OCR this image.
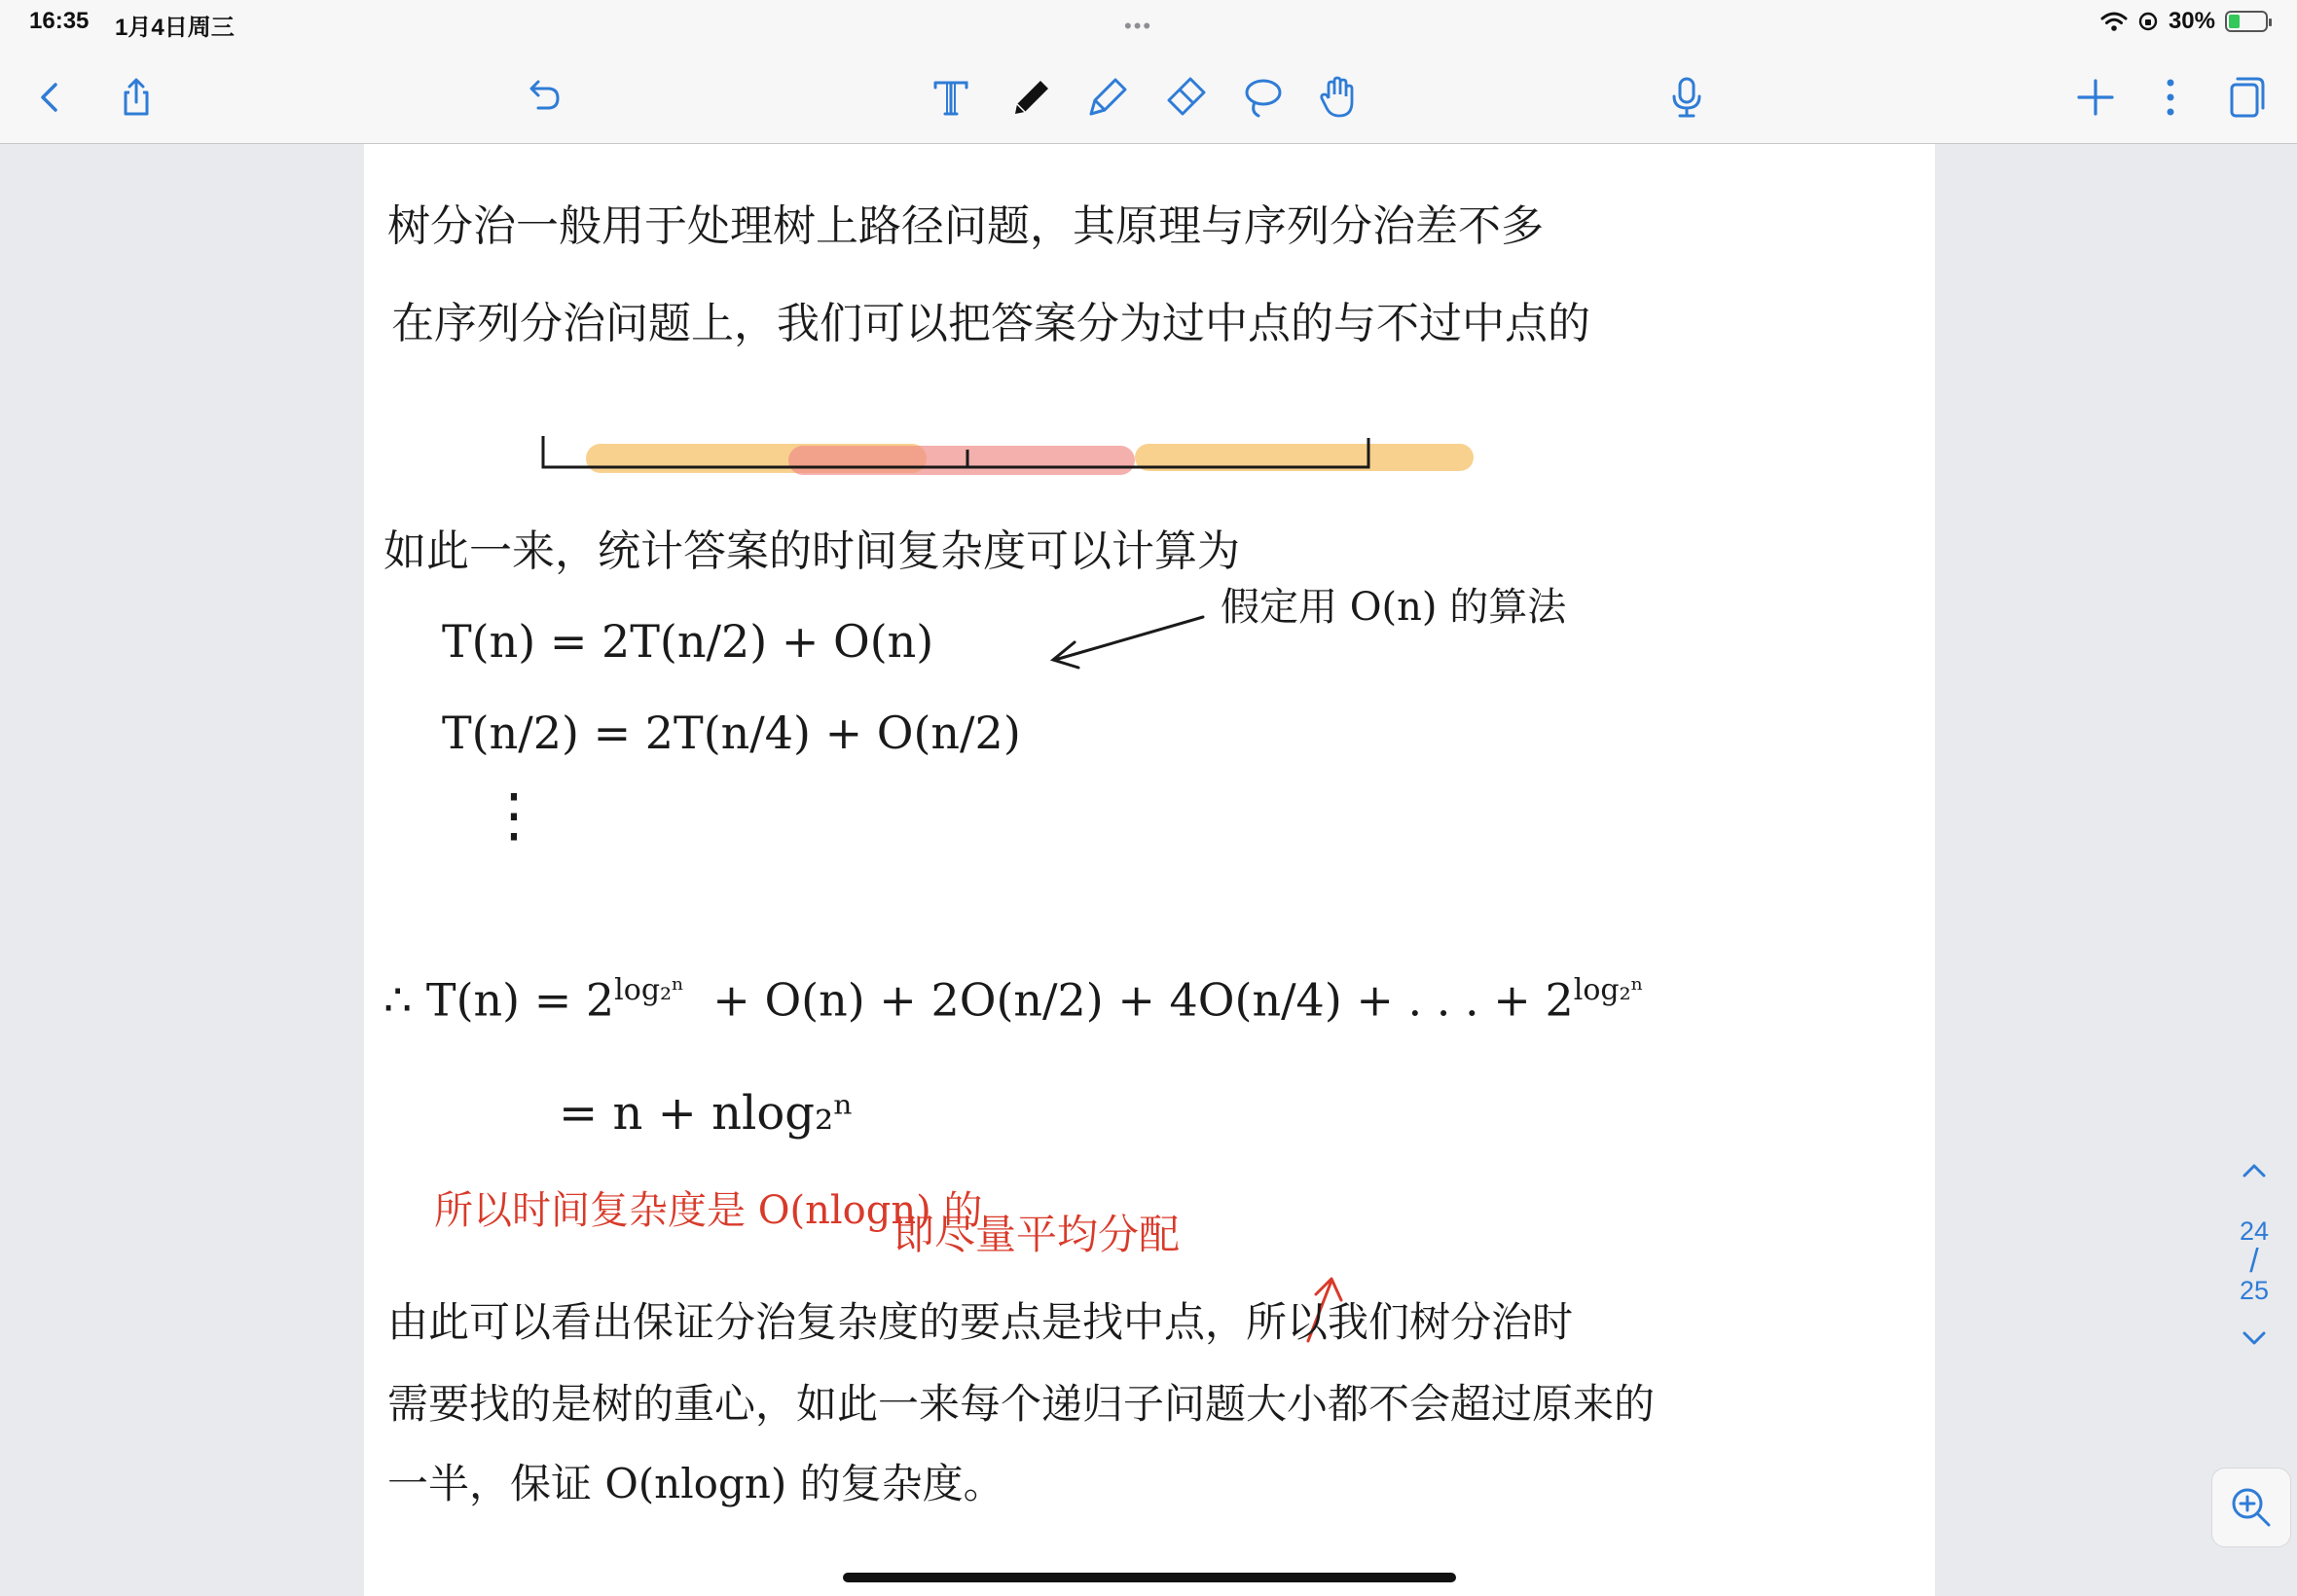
16:35 1月4日周三	•••	30%
树分治一般用于处理树上路径问题，其原理与序列分治差不多
在序列分治问题上，我们可以把答案分为过中点的与不过中点的
如此一来，统计答案的时间复杂度可以计算为
T(n) = 2T(n/2) + O(n)
假定用 O(n) 的算法
T(n/2) = 2T(n/4) + O(n/2)
⋮
∴ $T(n) = 2^{log_2^n} + O(n) + 2O(n/2) + 4O(n/4)$ + . . . + $2^{log_2^n}$
= n + nlog₂ⁿ
所以时间复杂度是 O(nlogn) 的
即尽量平均分配
由此可以看出保证分治复杂度的要点是找中点，所以我们树分治时
需要找的是树的重心，如此一来每个递归子问题大小都不会超过原来的
一半，保证 O(nlogn) 的复杂度。
24
/
25
